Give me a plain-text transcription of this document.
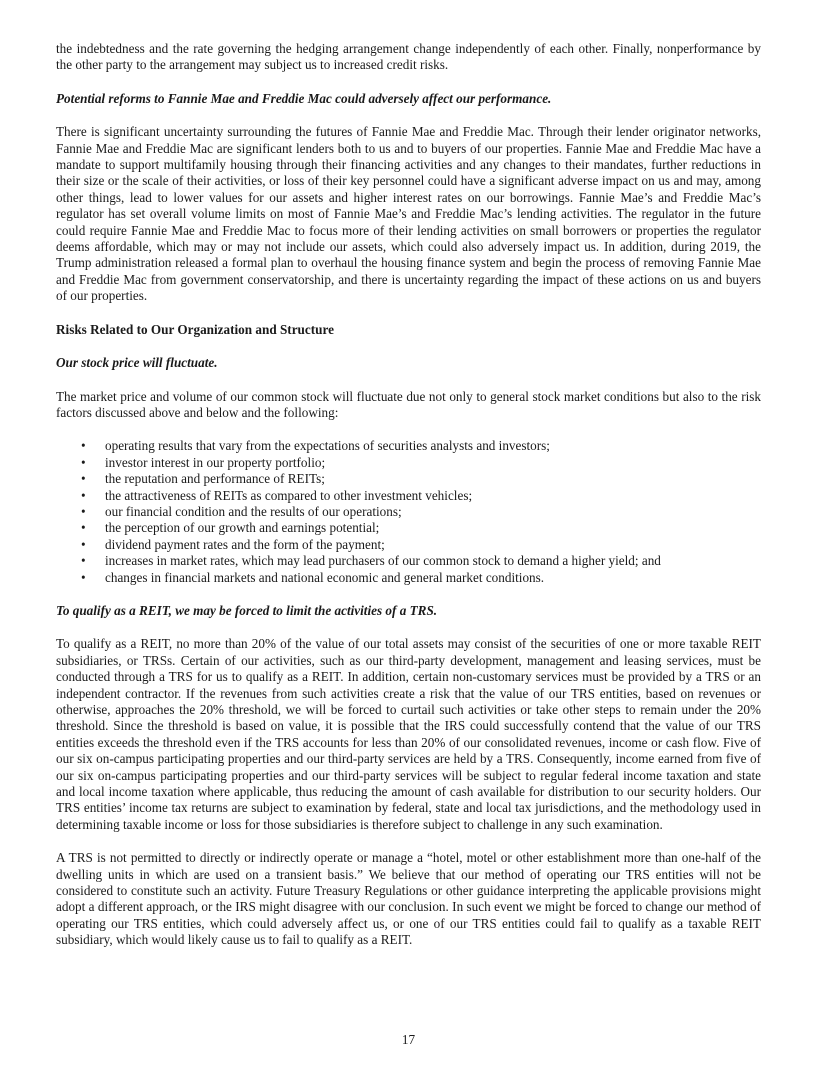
the indebtedness and the rate governing the hedging arrangement change independently of each other. Finally, nonperformance by the other party to the arrangement may subject us to increased credit risks.

Potential reforms to Fannie Mae and Freddie Mac could adversely affect our performance.

There is significant uncertainty surrounding the futures of Fannie Mae and Freddie Mac. Through their lender originator networks, Fannie Mae and Freddie Mac are significant lenders both to us and to buyers of our properties. Fannie Mae and Freddie Mac have a mandate to support multifamily housing through their financing activities and any changes to their mandates, further reductions in their size or the scale of their activities, or loss of their key personnel could have a significant adverse impact on us and may, among other things, lead to lower values for our assets and higher interest rates on our borrowings. Fannie Mae’s and Freddie Mac’s regulator has set overall volume limits on most of Fannie Mae’s and Freddie Mac’s lending activities. The regulator in the future could require Fannie Mae and Freddie Mac to focus more of their lending activities on small borrowers or properties the regulator deems affordable, which may or may not include our assets, which could also adversely impact us. In addition, during 2019, the Trump administration released a formal plan to overhaul the housing finance system and begin the process of removing Fannie Mae and Freddie Mac from government conservatorship, and there is uncertainty regarding the impact of these actions on us and buyers of our properties.

Risks Related to Our Organization and Structure

Our stock price will fluctuate.

The market price and volume of our common stock will fluctuate due not only to general stock market conditions but also to the risk factors discussed above and below and the following:

• operating results that vary from the expectations of securities analysts and investors;
• investor interest in our property portfolio;
• the reputation and performance of REITs;
• the attractiveness of REITs as compared to other investment vehicles;
• our financial condition and the results of our operations;
• the perception of our growth and earnings potential;
• dividend payment rates and the form of the payment;
• increases in market rates, which may lead purchasers of our common stock to demand a higher yield; and
• changes in financial markets and national economic and general market conditions.

To qualify as a REIT, we may be forced to limit the activities of a TRS.

To qualify as a REIT, no more than 20% of the value of our total assets may consist of the securities of one or more taxable REIT subsidiaries, or TRSs. Certain of our activities, such as our third-party development, management and leasing services, must be conducted through a TRS for us to qualify as a REIT. In addition, certain non-customary services must be provided by a TRS or an independent contractor. If the revenues from such activities create a risk that the value of our TRS entities, based on revenues or otherwise, approaches the 20% threshold, we will be forced to curtail such activities or take other steps to remain under the 20% threshold. Since the threshold is based on value, it is possible that the IRS could successfully contend that the value of our TRS entities exceeds the threshold even if the TRS accounts for less than 20% of our consolidated revenues, income or cash flow. Five of our six on-campus participating properties and our third-party services are held by a TRS. Consequently, income earned from five of our six on-campus participating properties and our third-party services will be subject to regular federal income taxation and state and local income taxation where applicable, thus reducing the amount of cash available for distribution to our security holders. Our TRS entities’ income tax returns are subject to examination by federal, state and local tax jurisdictions, and the methodology used in determining taxable income or loss for those subsidiaries is therefore subject to challenge in any such examination.

A TRS is not permitted to directly or indirectly operate or manage a “hotel, motel or other establishment more than one-half of the dwelling units in which are used on a transient basis.” We believe that our method of operating our TRS entities will not be considered to constitute such an activity. Future Treasury Regulations or other guidance interpreting the applicable provisions might adopt a different approach, or the IRS might disagree with our conclusion. In such event we might be forced to change our method of operating our TRS entities, which could adversely affect us, or one of our TRS entities could fail to qualify as a taxable REIT subsidiary, which would likely cause us to fail to qualify as a REIT.

17
